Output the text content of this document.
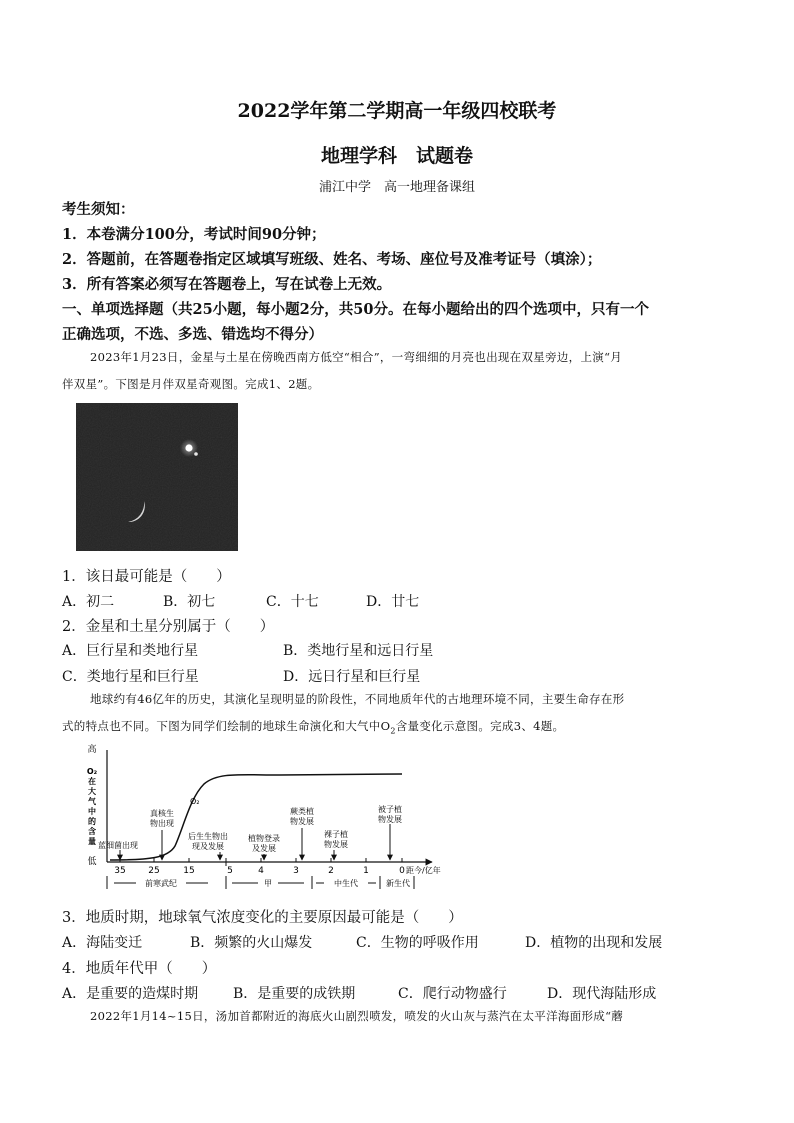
2022学年第二学期高一年级四校联考
地理学科　试题卷
浦江中学　高一地理备课组
考生须知：
1．本卷满分100分，考试时间90分钟；
2．答题前，在答题卷指定区域填写班级、姓名、考场、座位号及准考证号（填涂）；
3．所有答案必须写在答题卷上，写在试卷上无效。
一、单项选择题（共25小题，每小题2分，共50分。在每小题给出的四个选项中，只有一个
正确选项，不选、多选、错选均不得分）
2023年1月23日，金星与土星在傍晚西南方低空“相合”，一弯细细的月亮也出现在双星旁边，上演“月
伴双星”。下图是月伴双星奇观图。完成1、2题。
1．该日最可能是（　　）
A．初二	B．初七	C．十七	D．廿七
2．金星和土星分别属于（　　）
A．巨行星和类地行星	B．类地行星和远日行星
C．类地行星和巨行星	D．远日行星和巨行星
地球约有46亿年的历史，其演化呈现明显的阶段性，不同地质年代的古地理环境不同，主要生命存在形
式的特点也不同。下图为同学们绘制的地球生命演化和大气中$O_2$含量变化示意图。完成3、4题。
高
O₂
在
大
气
中
的
含
量
低
O₂
35	25	15	5	4	3	2	1	0 距今/亿年
蓝细菌出现
真核生
物出现
后生生物出
现及发展
植物登录
及发展
蕨类植
物发展
裸子植
物发展
被子植
物发展
前寒武纪	甲	中生代	新生代
3．地质时期，地球氧气浓度变化的主要原因最可能是（　　）
A．海陆变迁	B．频繁的火山爆发	C．生物的呼吸作用	D．植物的出现和发展
4．地质年代甲（　　）
A．是重要的造煤时期 B．是重要的成铁期	C．爬行动物盛行	D．现代海陆形成
2022年1月14~15日，汤加首都附近的海底火山剧烈喷发，喷发的火山灰与蒸汽在太平洋海面形成“蘑
